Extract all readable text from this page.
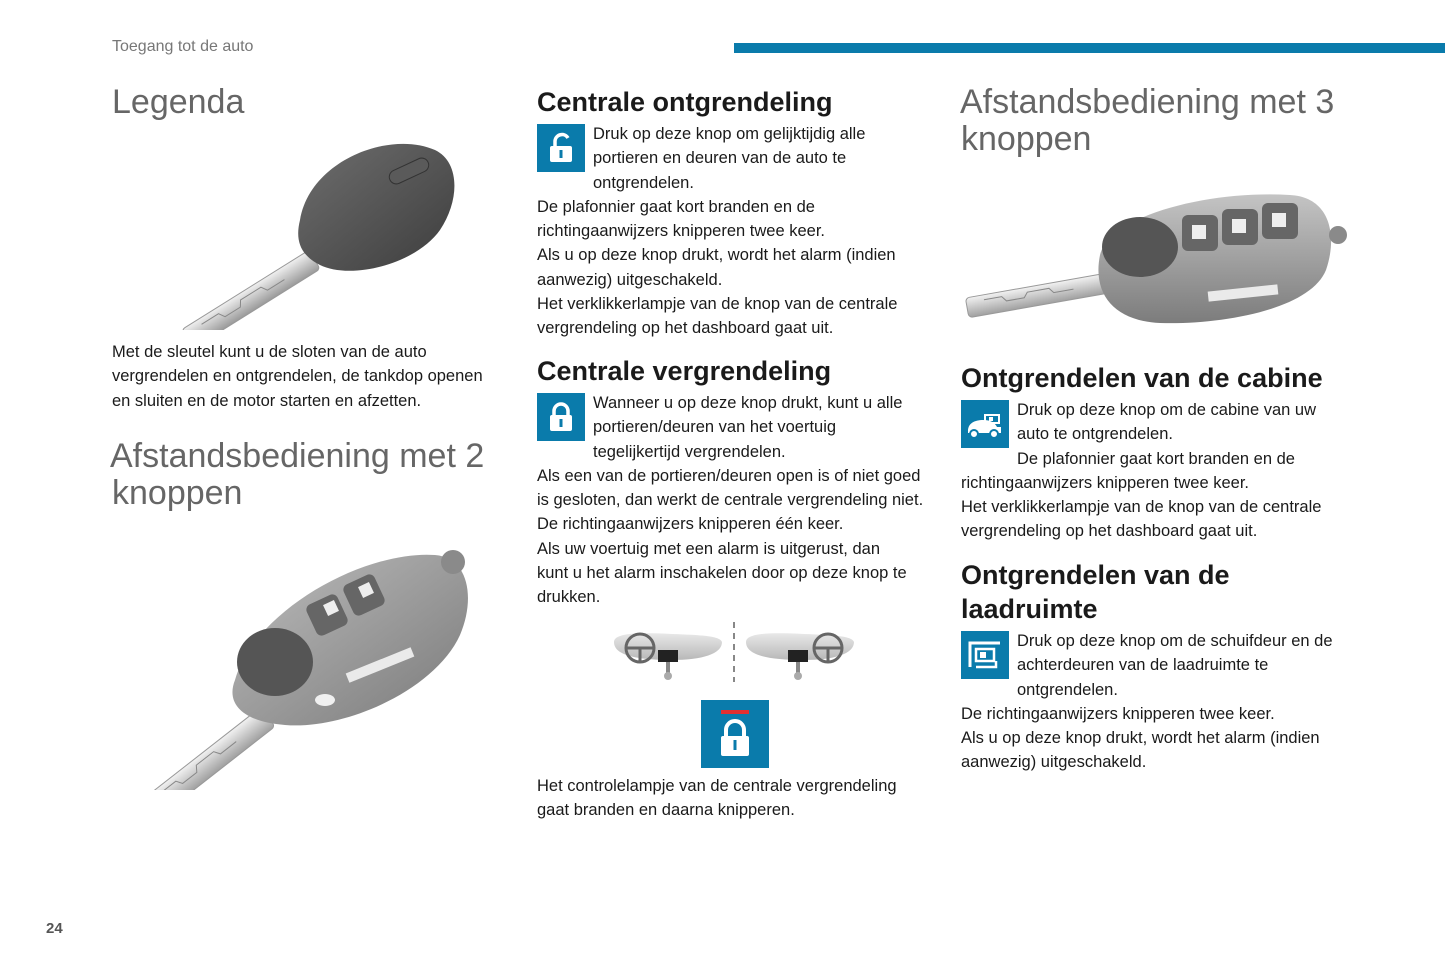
Toegang tot de auto
Legenda

Met de sleutel kunt u de sloten van de auto vergrendelen en ontgrendelen, de tankdop openen en sluiten en de motor starten en afzetten.

Afstandsbediening met 2
knoppen
Centrale ontgrendeling

Druk op deze knop om gelijktijdig alle
portieren en deuren van de auto te
ontgrendelen.
De plafonnier gaat kort branden en de
richtingaanwijzers knipperen twee keer.
Als u op deze knop drukt, wordt het alarm (indien
aanwezig) uitgeschakeld.
Het verklikkerlampje van de knop van de centrale
vergrendeling op het dashboard gaat uit.

Centrale vergrendeling

Wanneer u op deze knop drukt, kunt u alle
portieren/deuren van het voertuig
tegelijkertijd vergrendelen.
Als een van de portieren/deuren open is of niet goed
is gesloten, dan werkt de centrale vergrendeling niet.
De richtingaanwijzers knipperen één keer.
Als uw voertuig met een alarm is uitgerust, dan
kunt u het alarm inschakelen door op deze knop te
drukken.

Het controlelampje van de centrale vergrendeling
gaat branden en daarna knipperen.

Afstandsbediening met 3
knoppen
Ontgrendelen van de cabine

Druk op deze knop om de cabine van uw
auto te ontgrendelen.
De plafonnier gaat kort branden en de
richtingaanwijzers knipperen twee keer.
Het verklikkerlampje van de knop van de centrale
vergrendeling op het dashboard gaat uit.

Ontgrendelen van de
laadruimte

Druk op deze knop om de schuifdeur en de
achterdeuren van de laadruimte te
ontgrendelen.
De richtingaanwijzers knipperen twee keer.
Als u op deze knop drukt, wordt het alarm (indien
aanwezig) uitgeschakeld.

24
